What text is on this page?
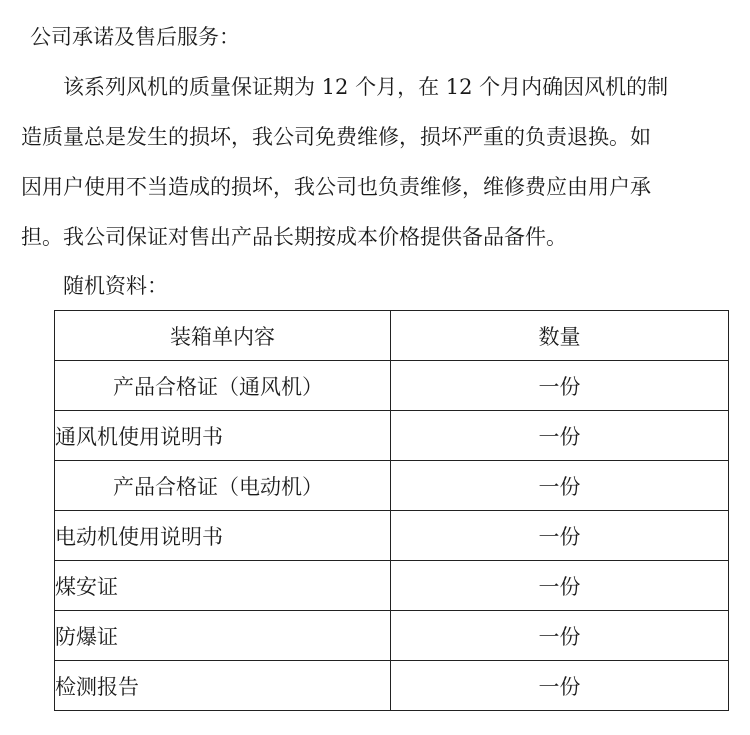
公司承诺及售后服务：
该系列风机的质量保证期为 12 个月，在 12 个月内确因风机的制
造质量总是发生的损坏，我公司免费维修，损坏严重的负责退换。如
因用户使用不当造成的损坏，我公司也负责维修，维修费应由用户承
担。我公司保证对售出产品长期按成本价格提供备品备件。
随机资料：
装箱单内容	数量
产品合格证（通风机）	一份
通风机使用说明书	一份
产品合格证（电动机）	一份
电动机使用说明书	一份
煤安证	一份
防爆证	一份
检测报告	一份
